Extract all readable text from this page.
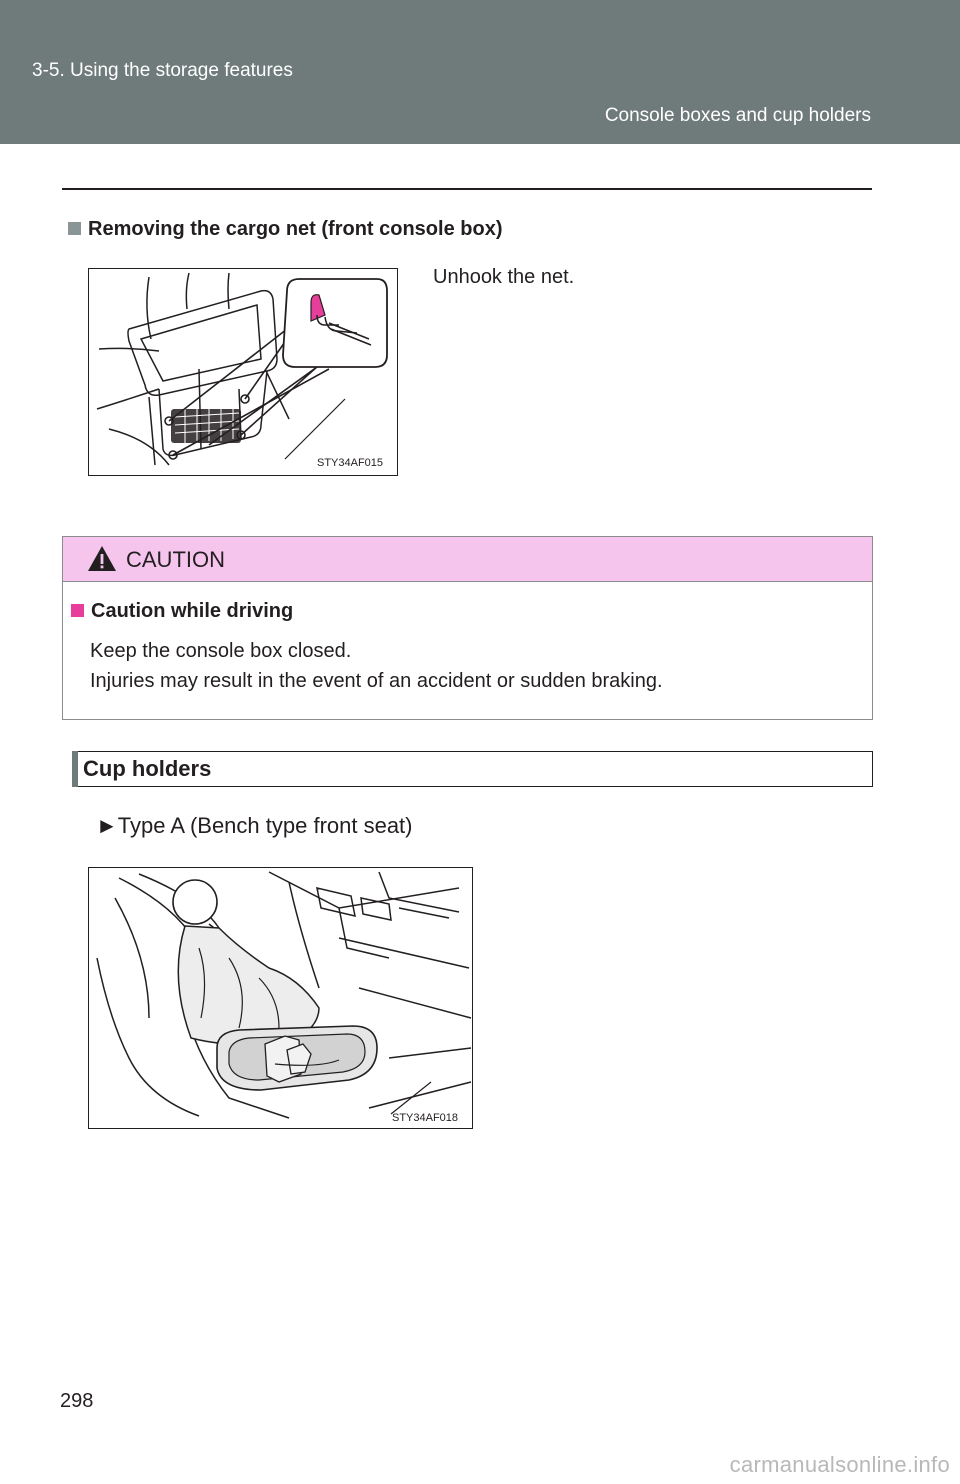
3-5. Using the storage features
Console boxes and cup holders
Removing the cargo net (front console box)
STY34AF015
Unhook the net.
CAUTION
Caution while driving
Keep the console box closed.
Injuries may result in the event of an accident or sudden braking.
Cup holders
►Type A (Bench type front seat)
STY34AF018
298
carmanualsonline.info
